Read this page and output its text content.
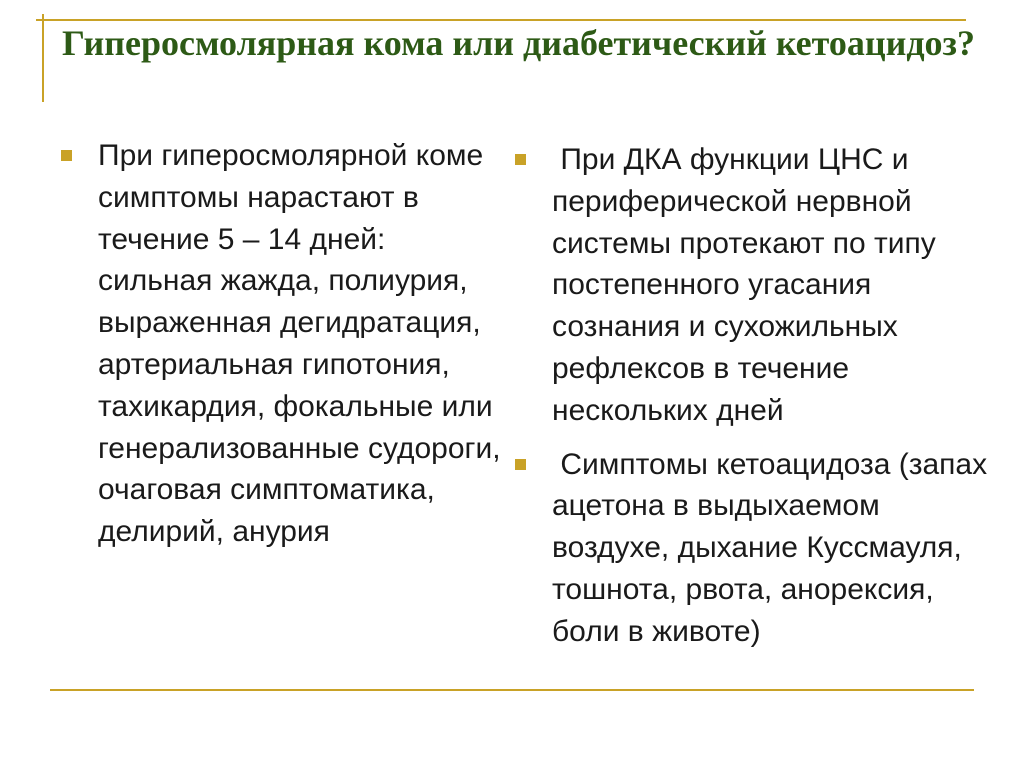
Гиперосмолярная кома или диабетический кетоацидоз?
При гиперосмолярной коме симптомы нарастают в течение 5 – 14 дней: сильная жажда, полиурия, выраженная дегидратация, артериальная гипотония, тахикардия, фокальные или генерализованные судороги, очаговая симптоматика, делирий, анурия
При ДКА функции ЦНС и периферической нервной системы протекают по типу постепенного угасания сознания и сухожильных рефлексов в течение нескольких дней
Симптомы кетоацидоза (запах ацетона в выдыхаемом воздухе, дыхание Куссмауля, тошнота, рвота, анорексия, боли в животе)
